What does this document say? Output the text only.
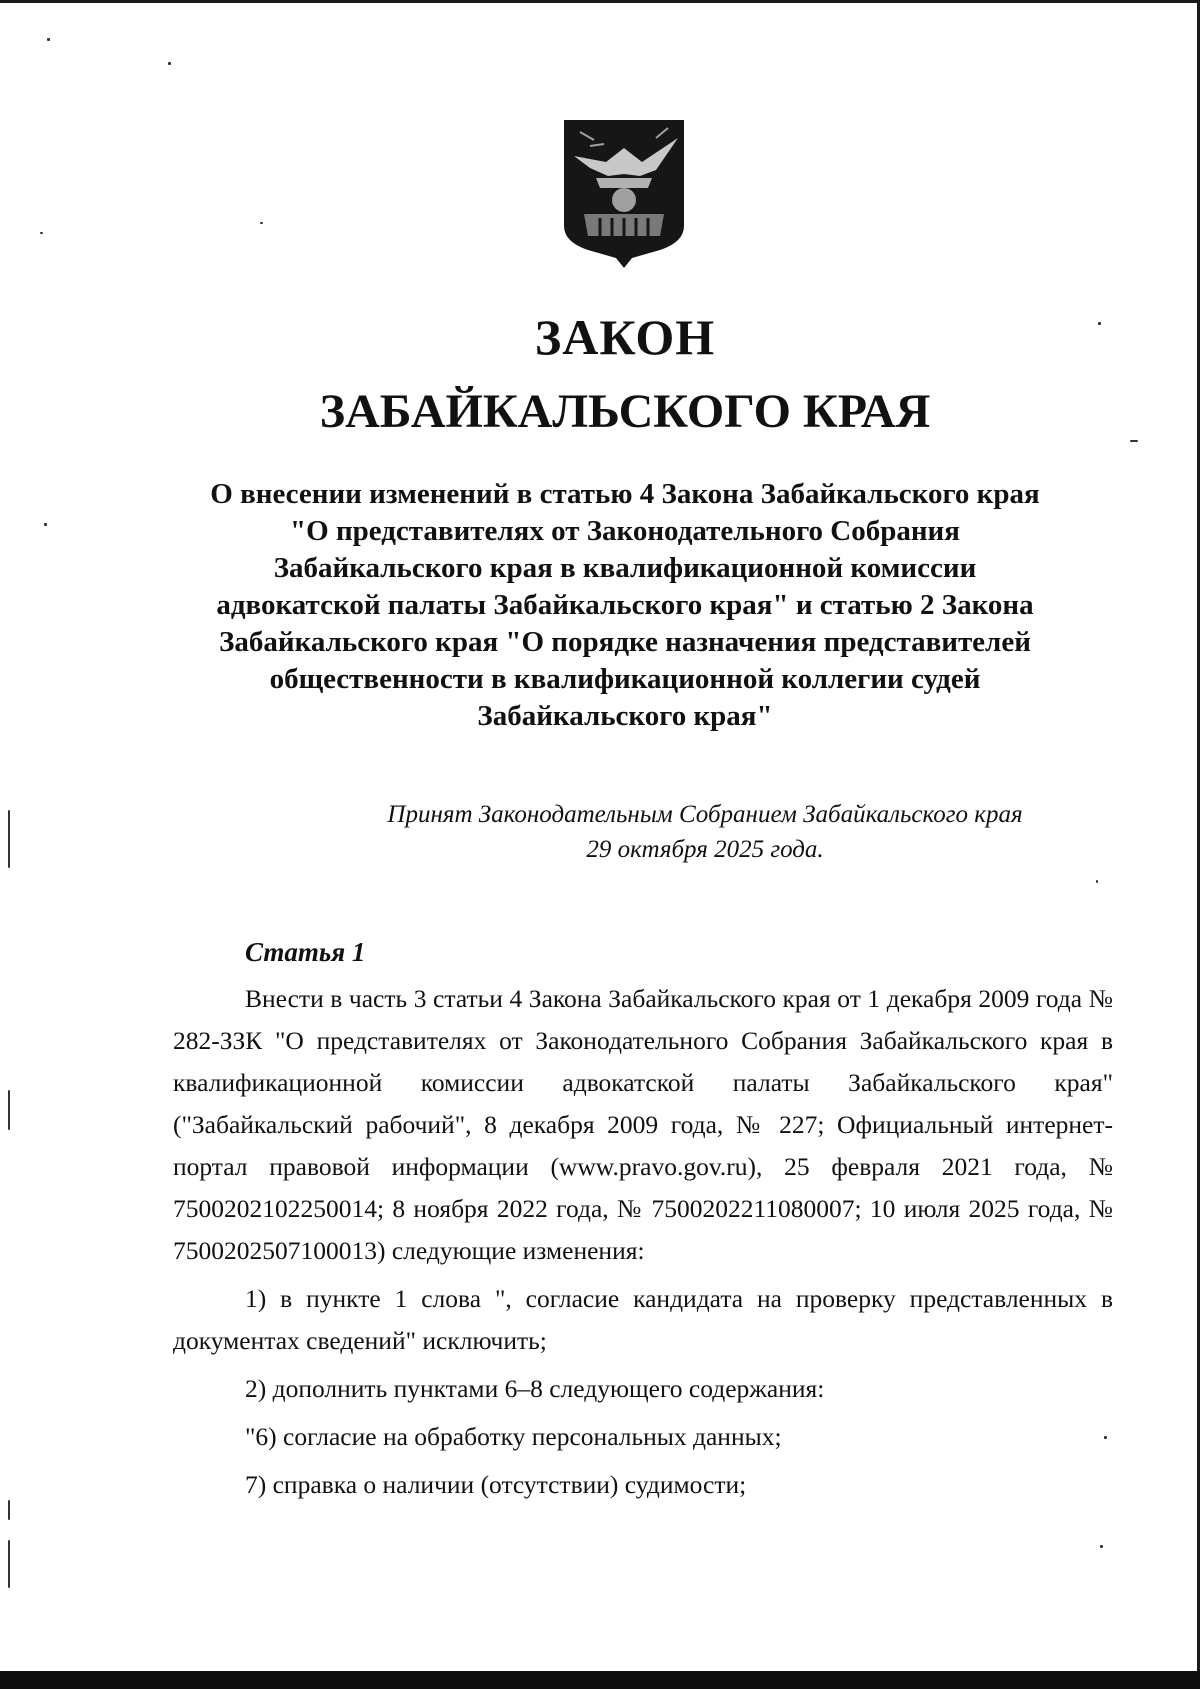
ЗАКОН
ЗАБАЙКАЛЬСКОГО КРАЯ
О внесении изменений в статью 4 Закона Забайкальского края
"О представителях от Законодательного Собрания
Забайкальского края в квалификационной комиссии
адвокатской палаты Забайкальского края" и статью 2 Закона
Забайкальского края "О порядке назначения представителей
общественности в квалификационной коллегии судей
Забайкальского края"
Принят Законодательным Собранием Забайкальского края
29 октября 2025 года.
Статья 1

Внести в часть 3 статьи 4 Закона Забайкальского края от 1 декабря 2009 года № 282-ЗЗК "О представителях от Законодательного Собрания Забайкальского края в квалификационной комиссии адвокатской палаты Забайкальского края" ("Забайкальский рабочий", 8 декабря 2009 года, № 227; Официальный интернет-портал правовой информации (www.pravo.gov.ru), 25 февраля 2021 года, № 7500202102250014; 8 ноября 2022 года, № 7500202211080007; 10 июля 2025 года, № 7500202507100013) следующие изменения:

1) в пункте 1 слова ", согласие кандидата на проверку представленных в документах сведений" исключить;

2) дополнить пунктами 6–8 следующего содержания:

"6) согласие на обработку персональных данных;

7) справка о наличии (отсутствии) судимости;
